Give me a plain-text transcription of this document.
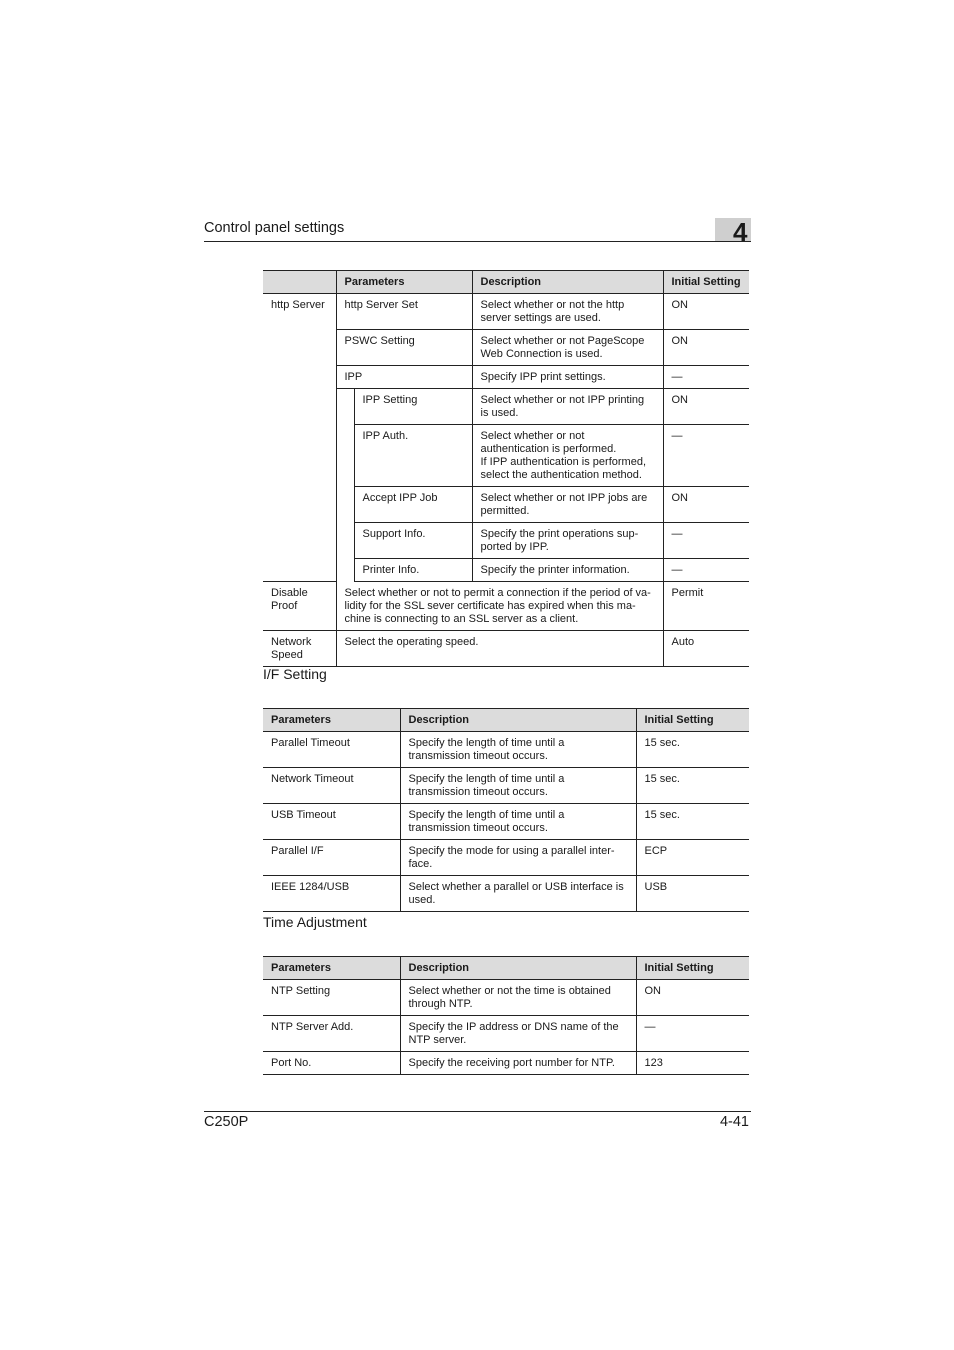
Control panel settings	4
	Parameters		Description	Initial Setting
http Server	http Server Set		Select whether or not the http server settings are used.	ON
	PSWC Setting		Select whether or not PageScope Web Connection is used.	ON
	IPP		Specify IPP print settings.	—
		IPP Setting	Select whether or not IPP printing is used.	ON
		IPP Auth.	Select whether or not authentication is performed.
If IPP authentication is performed, select the authentication method.	—
		Accept IPP Job	Select whether or not IPP jobs are permitted.	ON
		Support Info.	Specify the print operations sup-ported by IPP.	—
		Printer Info.	Specify the printer information.	—
Disable Proof	Select whether or not to permit a connection if the period of va-lidity for the SSL sever certificate has expired when this ma-chine is connecting to an SSL server as a client.			Permit
Network Speed	Select the operating speed.			Auto
I/F Setting
Parameters	Description	Initial Setting
Parallel Timeout	Specify the length of time until a transmission timeout occurs.	15 sec.
Network Timeout	Specify the length of time until a transmission timeout occurs.	15 sec.
USB Timeout	Specify the length of time until a transmission timeout occurs.	15 sec.
Parallel I/F	Specify the mode for using a parallel inter-face.	ECP
IEEE 1284/USB	Select whether a parallel or USB interface is used.	USB
Time Adjustment
Parameters	Description	Initial Setting
NTP Setting	Select whether or not the time is obtained through NTP.	ON
NTP Server Add.	Specify the IP address or DNS name of the NTP server.	—
Port No.	Specify the receiving port number for NTP.	123
C250P	4-41
